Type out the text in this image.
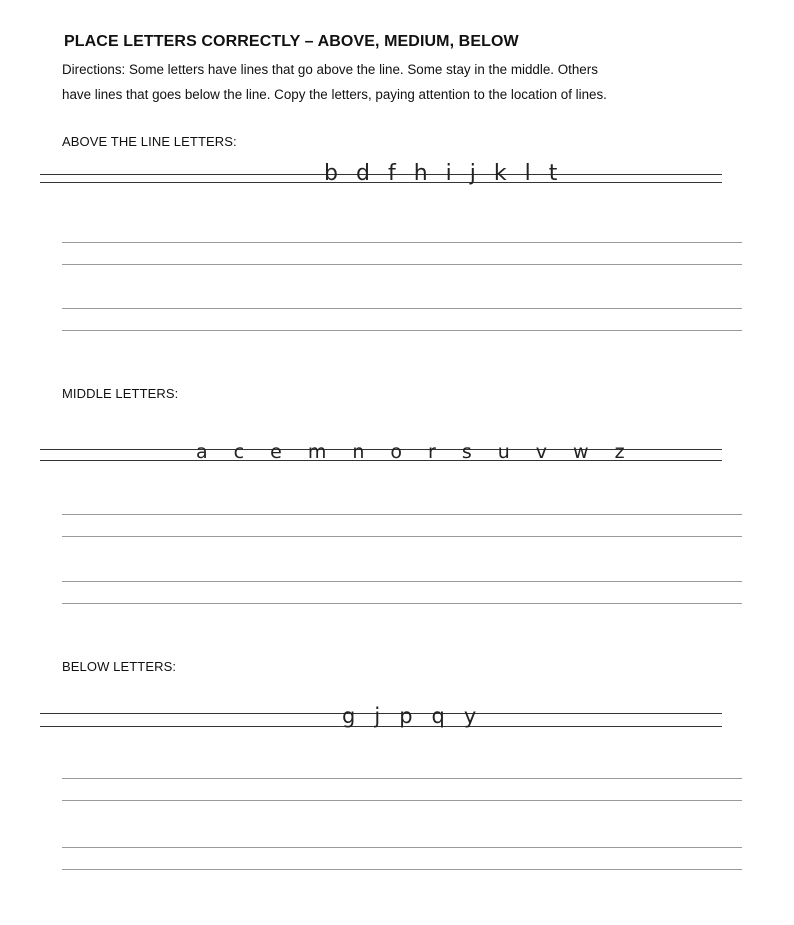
PLACE LETTERS CORRECTLY – ABOVE, MEDIUM, BELOW
Directions: Some letters have lines that go above the line. Some stay in the middle. Others
have lines that goes below the line. Copy the letters, paying attention to the location of lines.
ABOVE THE LINE LETTERS:
b d f h i j k l t
MIDDLE LETTERS:
a c e m n o r s u v w z
BELOW LETTERS:
g j p q y
